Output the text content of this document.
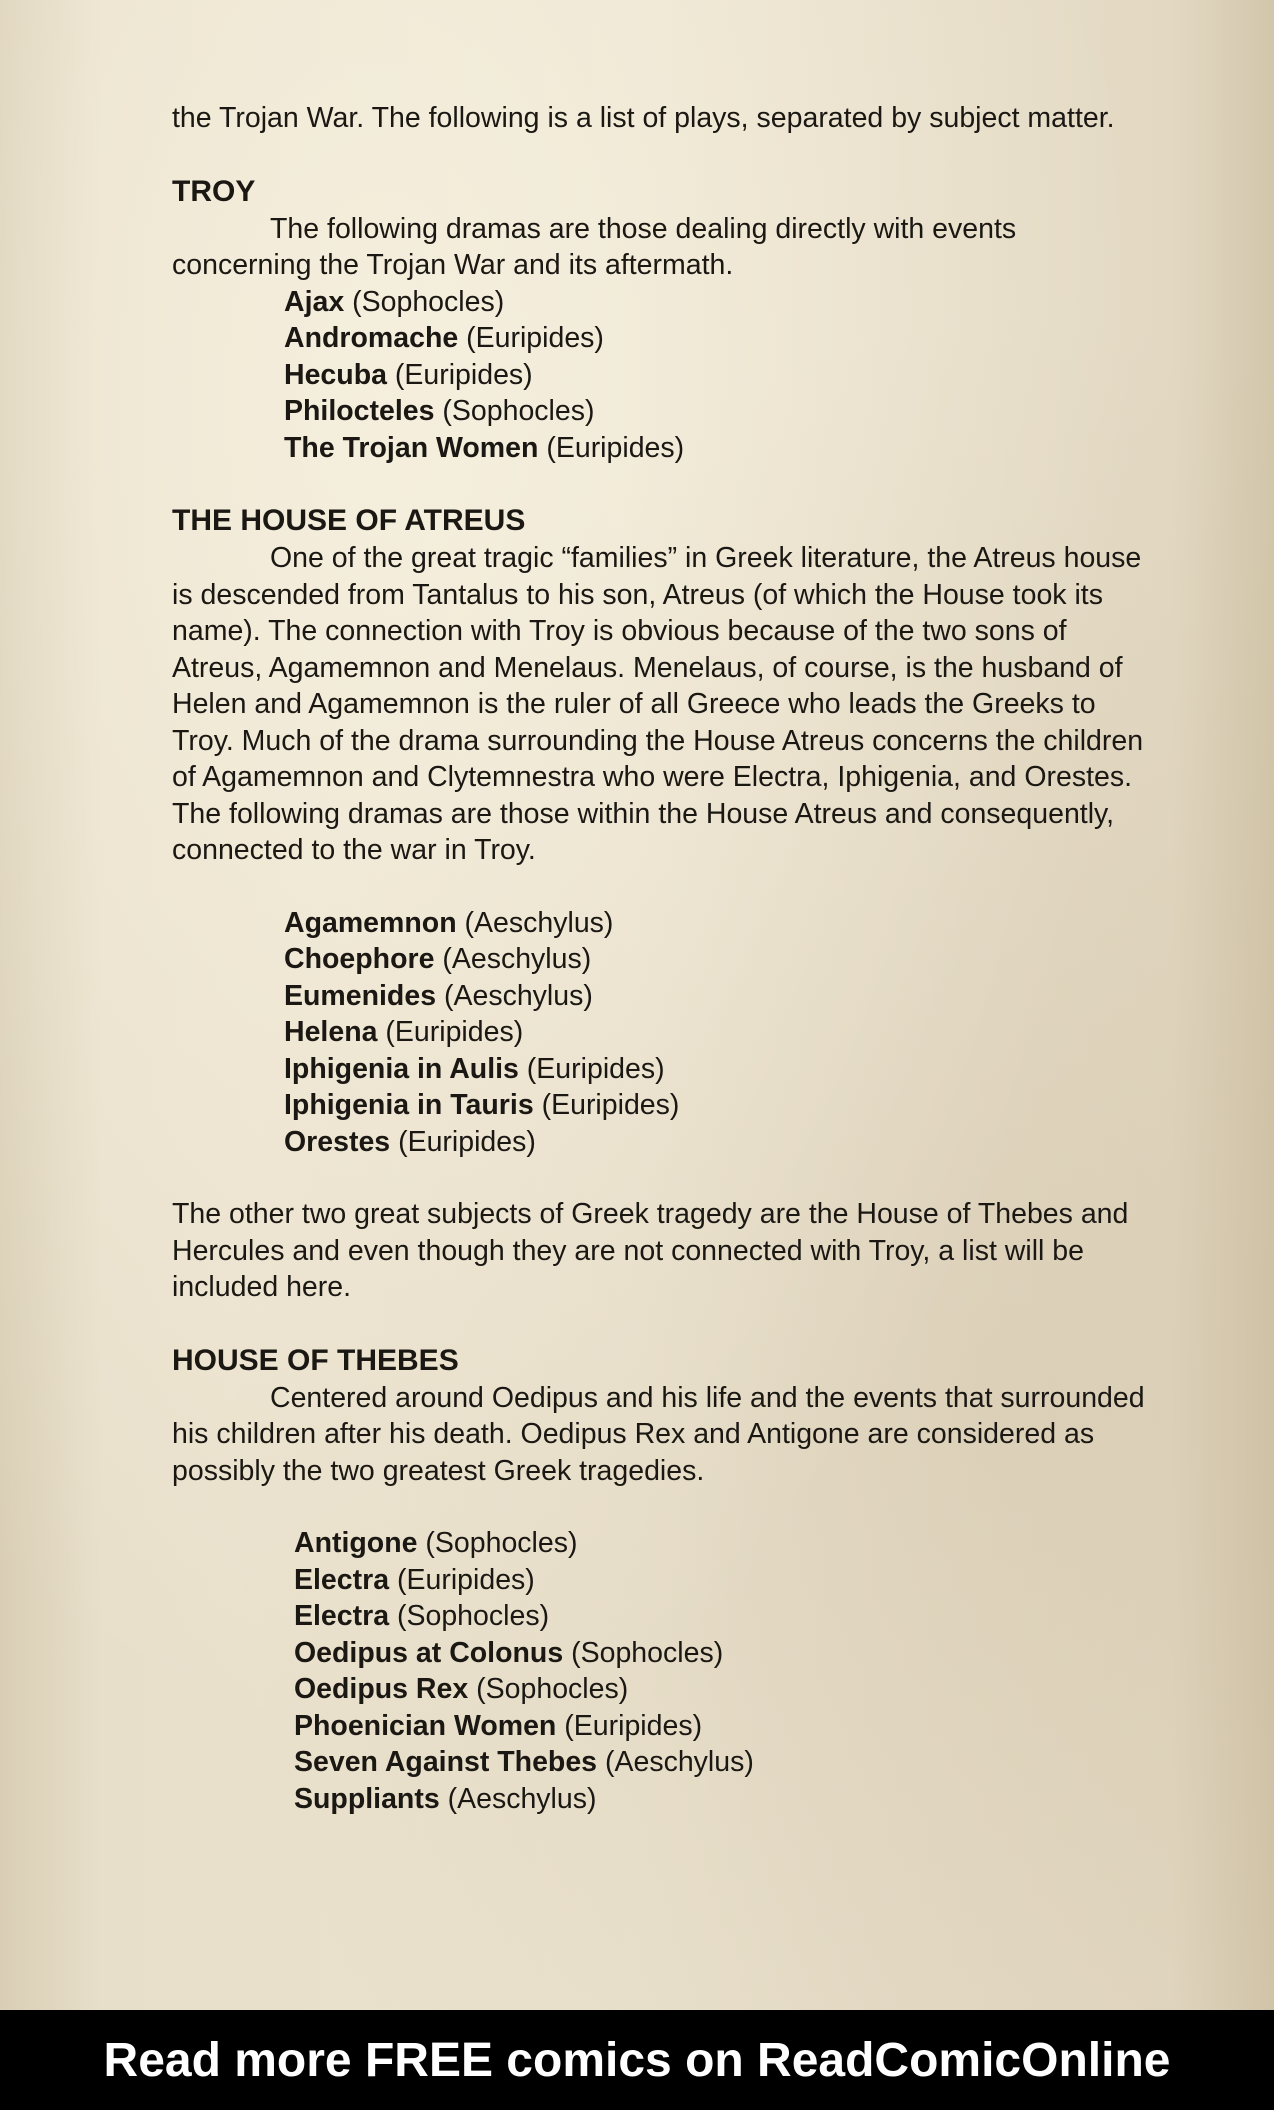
the Trojan War. The following is a list of plays, separated by subject matter.

TROY

The following dramas are those dealing directly with events concerning the Trojan War and its aftermath.

Ajax (Sophocles)
Andromache (Euripides)
Hecuba (Euripides)
Philocteles (Sophocles)
The Trojan Women (Euripides)
THE HOUSE OF ATREUS

One of the great tragic “families” in Greek literature, the Atreus house is descended from Tantalus to his son, Atreus (of which the House took its name). The connection with Troy is obvious because of the two sons of Atreus, Agamemnon and Menelaus. Menelaus, of course, is the husband of Helen and Agamemnon is the ruler of all Greece who leads the Greeks to Troy. Much of the drama surrounding the House Atreus concerns the children of Agamemnon and Clytemnestra who were Electra, Iphigenia, and Orestes. The following dramas are those within the House Atreus and consequently, connected to the war in Troy.

Agamemnon (Aeschylus)
Choephore (Aeschylus)
Eumenides (Aeschylus)
Helena (Euripides)
Iphigenia in Aulis (Euripides)
Iphigenia in Tauris (Euripides)
Orestes (Euripides)

The other two great subjects of Greek tragedy are the House of Thebes and Hercules and even though they are not connected with Troy, a list will be included here.

HOUSE OF THEBES

Centered around Oedipus and his life and the events that surrounded his children after his death. Oedipus Rex and Antigone are considered as possibly the two greatest Greek tragedies.

Antigone (Sophocles)
Electra (Euripides)
Electra (Sophocles)
Oedipus at Colonus (Sophocles)
Oedipus Rex (Sophocles)
Phoenician Women (Euripides)
Seven Against Thebes (Aeschylus)
Suppliants (Aeschylus)
Read more FREE comics on ReadComicOnline
